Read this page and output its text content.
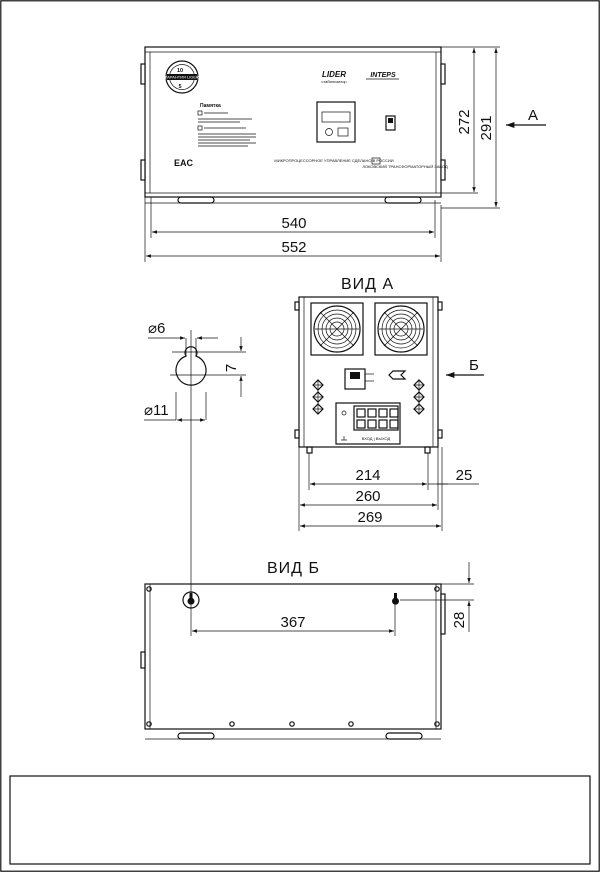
ГАРАНТИЯ LIDER
10
5
EAC
Памятка
LIDER
стабилизатор
INTEPS
МИКРОПРОЦЕССОРНОЕ УПРАВЛЕНИЕ СДЕЛАНО В РОССИИ
ЛОКОВСКИЙ ТРАНСФОРМАТОРНЫЙ ЗАВОД
272 291
540
552
А
ВИД А
ВХОД | ВЫХОД
Б
214	25
260
269
⌀6
⌀11
7
ВИД Б
367	28
